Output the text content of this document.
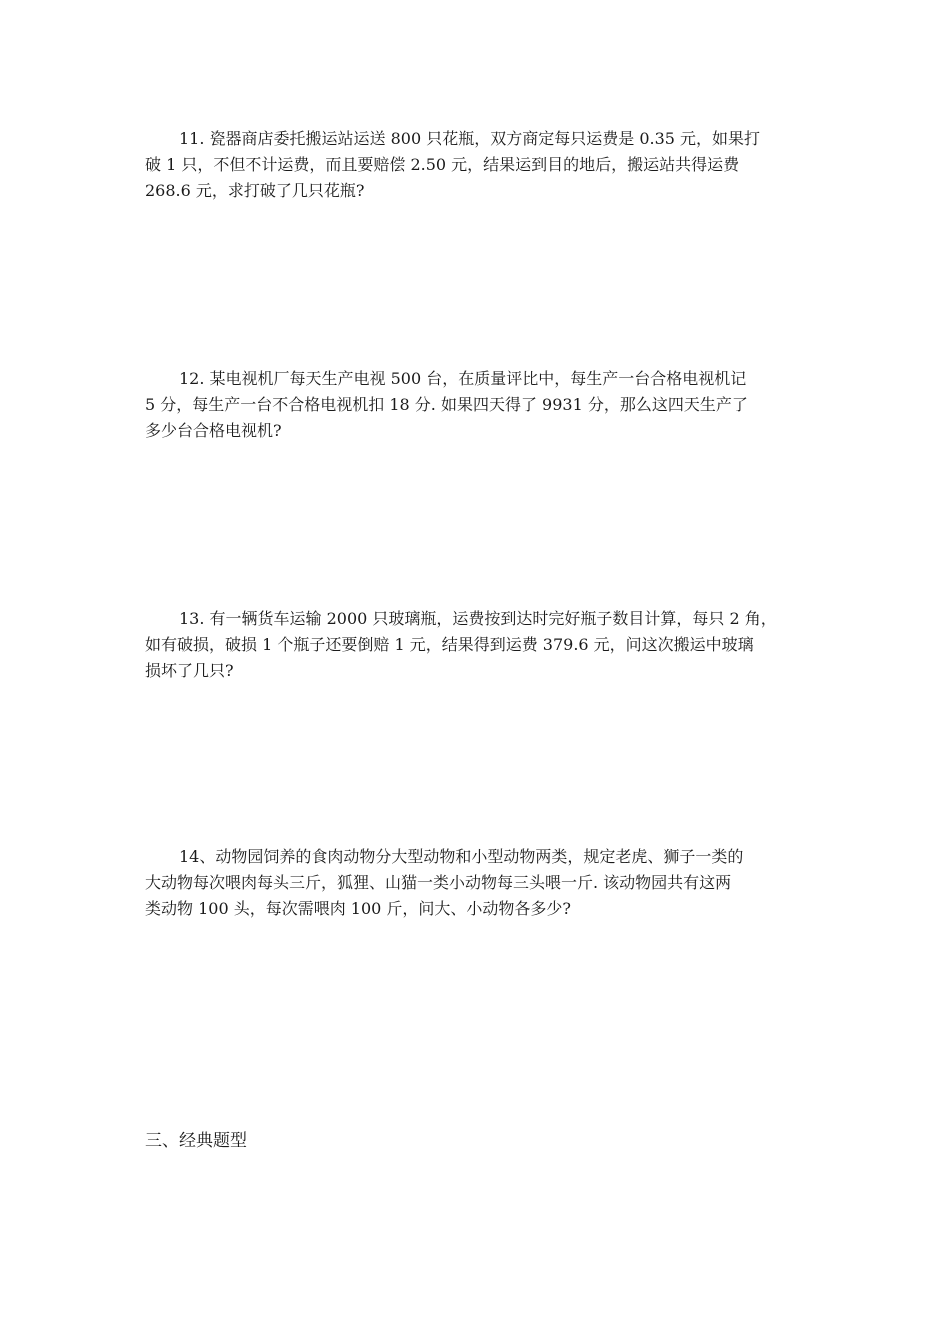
11. 瓷器商店委托搬运站运送 800 只花瓶，双方商定每只运费是 0.35 元，如果打
破 1 只，不但不计运费，而且要赔偿 2.50 元，结果运到目的地后，搬运站共得运费
268.6 元，求打破了几只花瓶?
12. 某电视机厂每天生产电视 500 台，在质量评比中，每生产一台合格电视机记
5 分，每生产一台不合格电视机扣 18 分. 如果四天得了 9931 分，那么这四天生产了
多少台合格电视机?
13. 有一辆货车运输 2000 只玻璃瓶，运费按到达时完好瓶子数目计算，每只 2 角，
如有破损，破损 1 个瓶子还要倒赔 1 元，结果得到运费 379.6 元，问这次搬运中玻璃
损坏了几只?
14、动物园饲养的食肉动物分大型动物和小型动物两类，规定老虎、狮子一类的
大动物每次喂肉每头三斤，狐狸、山猫一类小动物每三头喂一斤. 该动物园共有这两
类动物 100 头，每次需喂肉 100 斤，问大、小动物各多少?
三、经典题型
